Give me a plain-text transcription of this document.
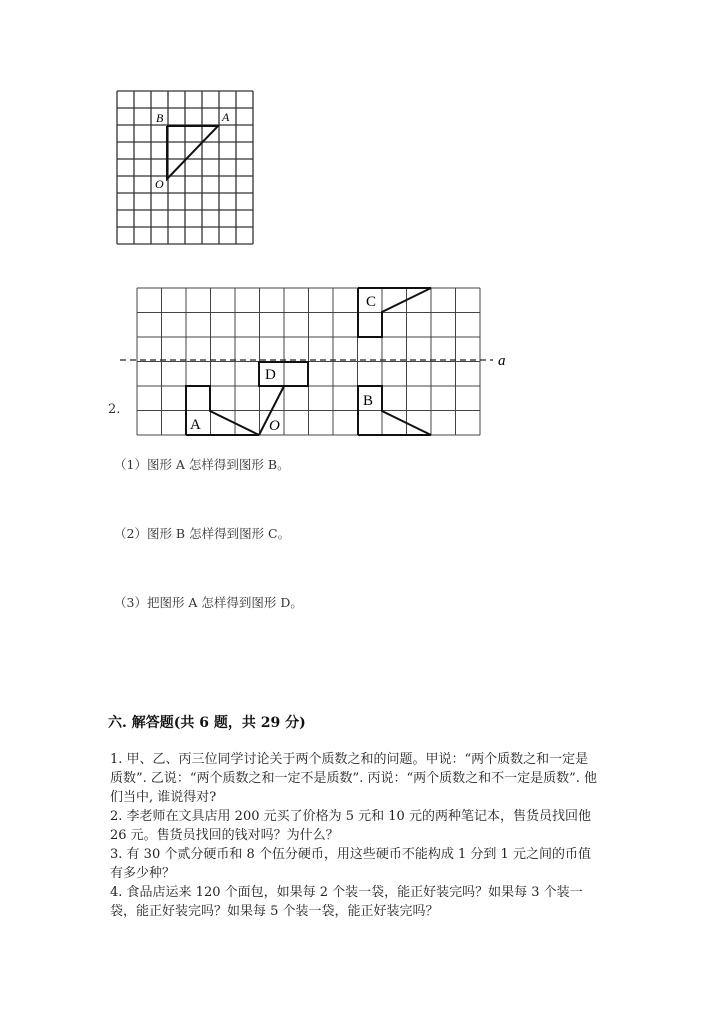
B	A
O
2.
a
A
D
O
B
C
（1）图形 A 怎样得到图形 B。
（2）图形 B 怎样得到图形 C。
（3）把图形 A 怎样得到图形 D。
六. 解答题(共 6 题，共 29 分)
1. 甲、乙、丙三位同学讨论关于两个质数之和的问题。甲说：“两个质数之和一定是质数”. 乙说：“两个质数之和一定不是质数”. 丙说：“两个质数之和不一定是质数”. 他们当中, 谁说得对?
2. 李老师在文具店用 200 元买了价格为 5 元和 10 元的两种笔记本，售货员找回他 26 元。售货员找回的钱对吗？为什么？
3. 有 30 个贰分硬币和 8 个伍分硬币，用这些硬币不能构成 1 分到 1 元之间的币值有多少种？
4. 食品店运来 120 个面包，如果每 2 个装一袋，能正好装完吗？如果每 3 个装一袋，能正好装完吗？如果每 5 个装一袋，能正好装完吗？
